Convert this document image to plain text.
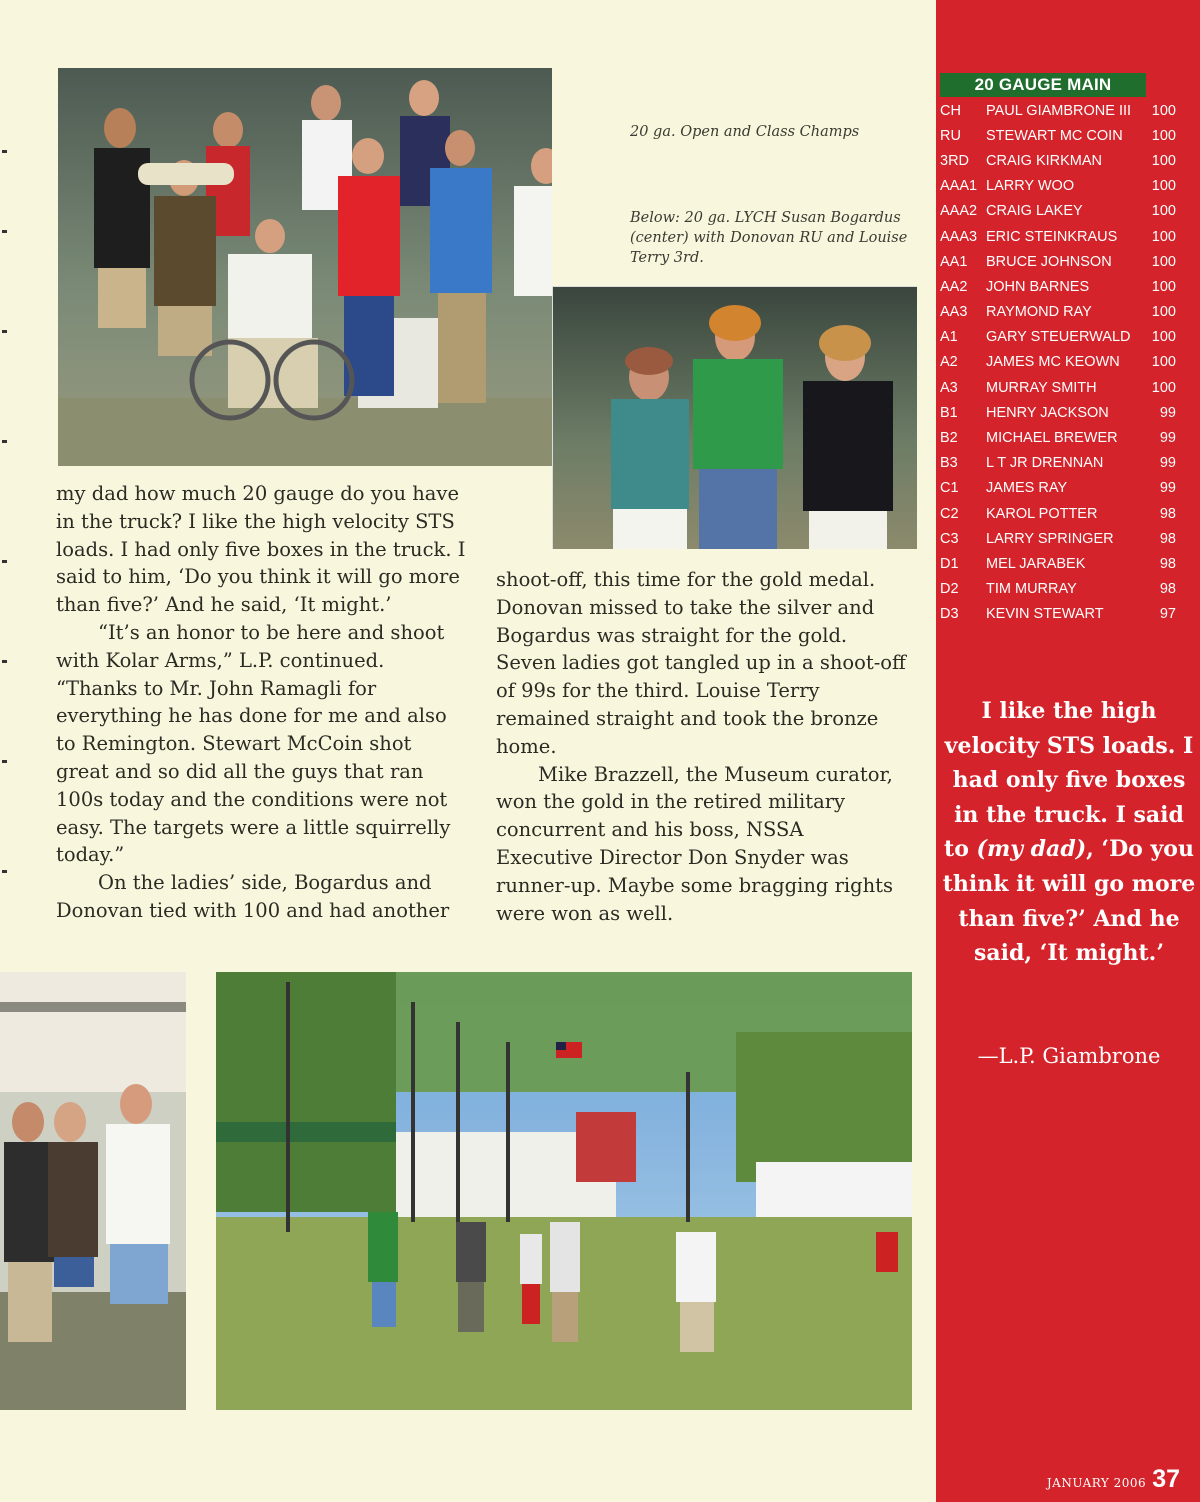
20 ga. Open and Class Champs
Below: 20 ga. LYCH Susan Bogardus (center) with Donovan RU and Louise Terry 3rd.

my dad how much 20 gauge do you have in the truck? I like the high velocity STS loads. I had only five boxes in the truck. I said to him, ‘Do you think it will go more than five?’ And he said, ‘It might.’

“It’s an honor to be here and shoot with Kolar Arms,” L.P. continued. “Thanks to Mr. John Ramagli for everything he has done for me and also to Remington. Stewart McCoin shot great and so did all the guys that ran 100s today and the conditions were not easy. The targets were a little squirrelly today.”

On the ladies’ side, Bogardus and Donovan tied with 100 and had another

shoot-off, this time for the gold medal. Donovan missed to take the silver and Bogardus was straight for the gold. Seven ladies got tangled up in a shoot-off of 99s for the third. Louise Terry remained straight and took the bronze home.

Mike Brazzell, the Museum curator, won the gold in the retired military concurrent and his boss, NSSA Executive Director Don Snyder was runner-up. Maybe some bragging rights were won as well.

20 GAUGE MAIN
CH	PAUL GIAMBRONE III	100
RU	STEWART MC COIN	100
3RD	CRAIG KIRKMAN	100
AAA1 LARRY WOO	100
AAA2 CRAIG LAKEY	100
AAA3 ERIC STEINKRAUS	100
AA1	BRUCE JOHNSON	100
AA2	JOHN BARNES	100
AA3	RAYMOND RAY	100
A1	GARY STEUERWALD	100
A2	JAMES MC KEOWN	100
A3	MURRAY SMITH	100
B1	HENRY JACKSON	99
B2	MICHAEL BREWER	99
B3	L T JR DRENNAN	99
C1	JAMES RAY	99
C2	KAROL POTTER	98
C3	LARRY SPRINGER	98
D1	MEL JARABEK	98
D2	TIM MURRAY	98
D3	KEVIN STEWART	97
I like the high velocity STS loads. I had only five boxes in the truck. I said to (my dad), ‘Do you think it will go more than five?’ And he said, ‘It might.’
—L.P. Giambrone
JANUARY 2006 37
